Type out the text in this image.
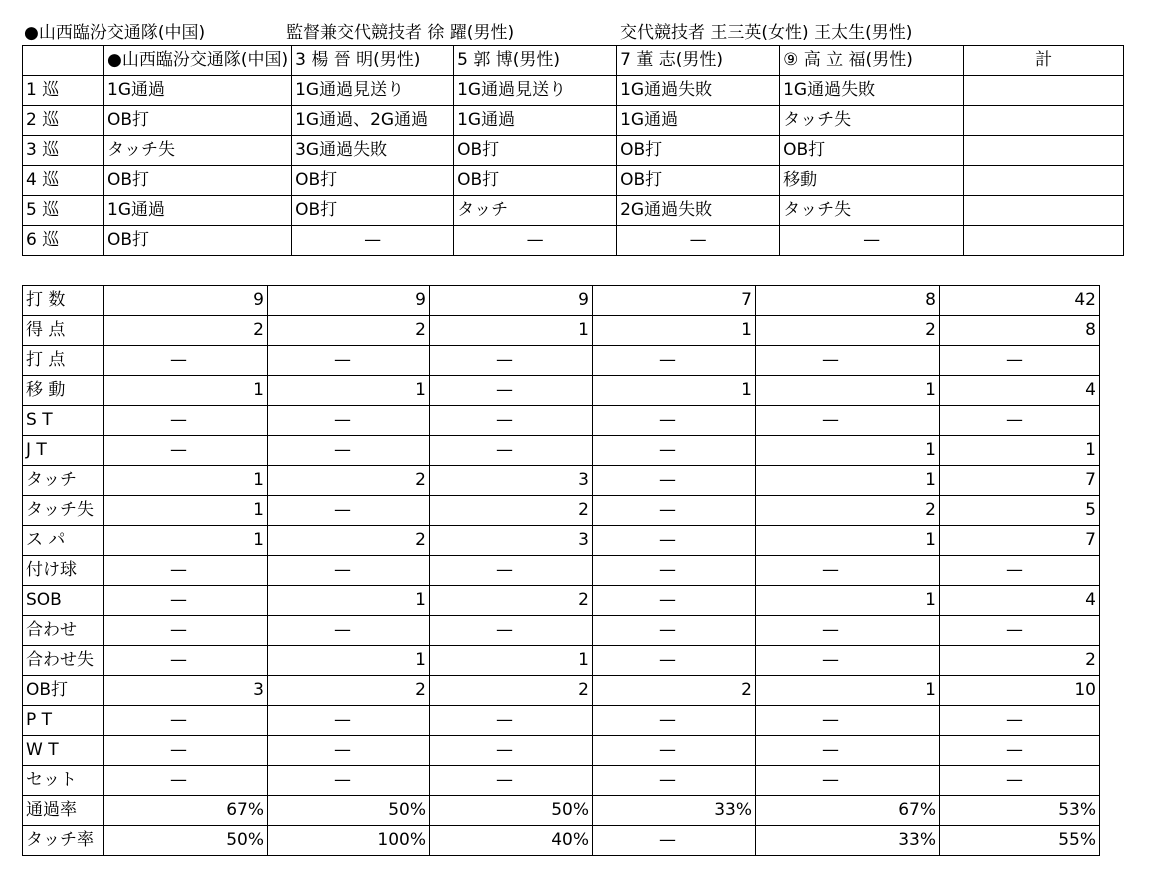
●山西臨汾交通隊(中国)	監督兼交代競技者 徐 躍(男性)	交代競技者 王三英(女性) 王太生(男性)
	●山西臨汾交通隊(中国)	3 楊 晉 明(男性)	5 郭 博(男性)	7 董 志(男性)	⑨ 高 立 福(男性)	計
1 巡	1G通過	1G通過見送り	1G通過見送り	1G通過失敗	1G通過失敗	
2 巡	OB打	1G通過、2G通過	1G通過	1G通過	タッチ失	
3 巡	タッチ失	3G通過失敗	OB打	OB打	OB打	
4 巡	OB打	OB打	OB打	OB打	移動	
5 巡	1G通過	OB打	タッチ	2G通過失敗	タッチ失	
6 巡	OB打	—	—	—	—	
打 数	9	9	9	7	8	42
得 点	2	2	1	1	2	8
打 点	—	—	—	—	—	—
移 動	1	1	—	1	1	4
S T	—	—	—	—	—	—
J T	—	—	—	—	1	1
タッチ	1	2	3	—	1	7
タッチ失	1	—	2	—	2	5
ス パ	1	2	3	—	1	7
付け球	—	—	—	—	—	—
SOB	—	1	2	—	1	4
合わせ	—	—	—	—	—	—
合わせ失	—	1	1	—	—	2
OB打	3	2	2	2	1	10
P T	—	—	—	—	—	—
W T	—	—	—	—	—	—
セット	—	—	—	—	—	—
通過率	67%	50%	50%	33%	67%	53%
タッチ率	50%	100%	40%	—	33%	55%
